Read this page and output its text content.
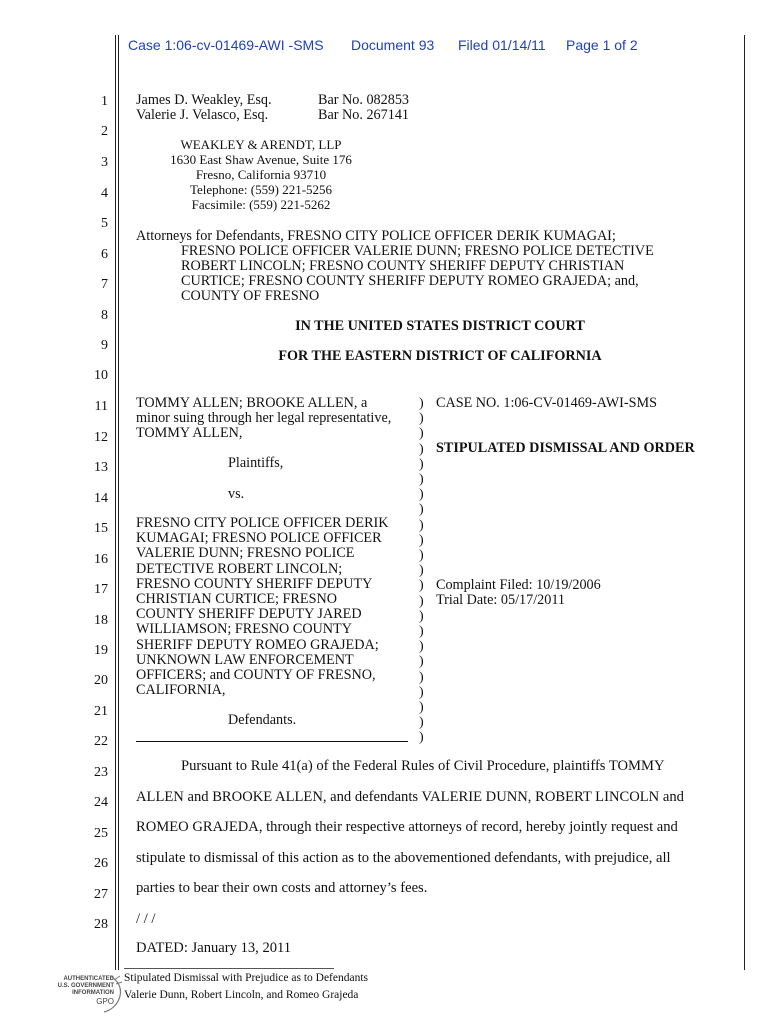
Case 1:06-cv-01469-AWI -SMS Document 93 Filed 01/14/11 Page 1 of 2
1
2
3
4
5
6
7
8
9
10
11
12
13
14
15
16
17
18
19
20
21
22
23
24
25
26
27
28
James D. Weakley, Esq.	Bar No. 082853
Valerie J. Velasco, Esq.	Bar No. 267141
WEAKLEY & ARENDT, LLP
1630 East Shaw Avenue, Suite 176
Fresno, California 93710
Telephone: (559) 221-5256
Facsimile: (559) 221-5262
Attorneys for Defendants, FRESNO CITY POLICE OFFICER DERIK KUMAGAI;
FRESNO POLICE OFFICER VALERIE DUNN; FRESNO POLICE DETECTIVE
ROBERT LINCOLN; FRESNO COUNTY SHERIFF DEPUTY CHRISTIAN
CURTICE; FRESNO COUNTY SHERIFF DEPUTY ROMEO GRAJEDA; and,
COUNTY OF FRESNO
IN THE UNITED STATES DISTRICT COURT
FOR THE EASTERN DISTRICT OF CALIFORNIA
TOMMY ALLEN; BROOKE ALLEN, a
minor suing through her legal representative,
TOMMY ALLEN,
Plaintiffs,
vs.
FRESNO CITY POLICE OFFICER DERIK
KUMAGAI; FRESNO POLICE OFFICER
VALERIE DUNN; FRESNO POLICE
DETECTIVE ROBERT LINCOLN;
FRESNO COUNTY SHERIFF DEPUTY
CHRISTIAN CURTICE; FRESNO
COUNTY SHERIFF DEPUTY JARED
WILLIAMSON; FRESNO COUNTY
SHERIFF DEPUTY ROMEO GRAJEDA;
UNKNOWN LAW ENFORCEMENT
OFFICERS; and COUNTY OF FRESNO,
CALIFORNIA,
Defendants.
)
)
)
)
)
)
)
)
)
)
)
)
)
)
)
)
)
)
)
)
)
)
)
CASE NO. 1:06-CV-01469-AWI-SMS
STIPULATED DISMISSAL AND ORDER
Complaint Filed: 10/19/2006
Trial Date: 05/17/2011
Pursuant to Rule 41(a) of the Federal Rules of Civil Procedure, plaintiffs TOMMY
ALLEN and BROOKE ALLEN, and defendants VALERIE DUNN, ROBERT LINCOLN and
ROMEO GRAJEDA, through their respective attorneys of record, hereby jointly request and
stipulate to dismissal of this action as to the abovementioned defendants, with prejudice, all
parties to bear their own costs and attorney’s fees.
/ / /
DATED: January 13, 2011
Stipulated Dismissal with Prejudice as to Defendants
Valerie Dunn, Robert Lincoln, and Romeo Grajeda
AUTHENTICATED
U.S. GOVERNMENT
INFORMATION
GPO
